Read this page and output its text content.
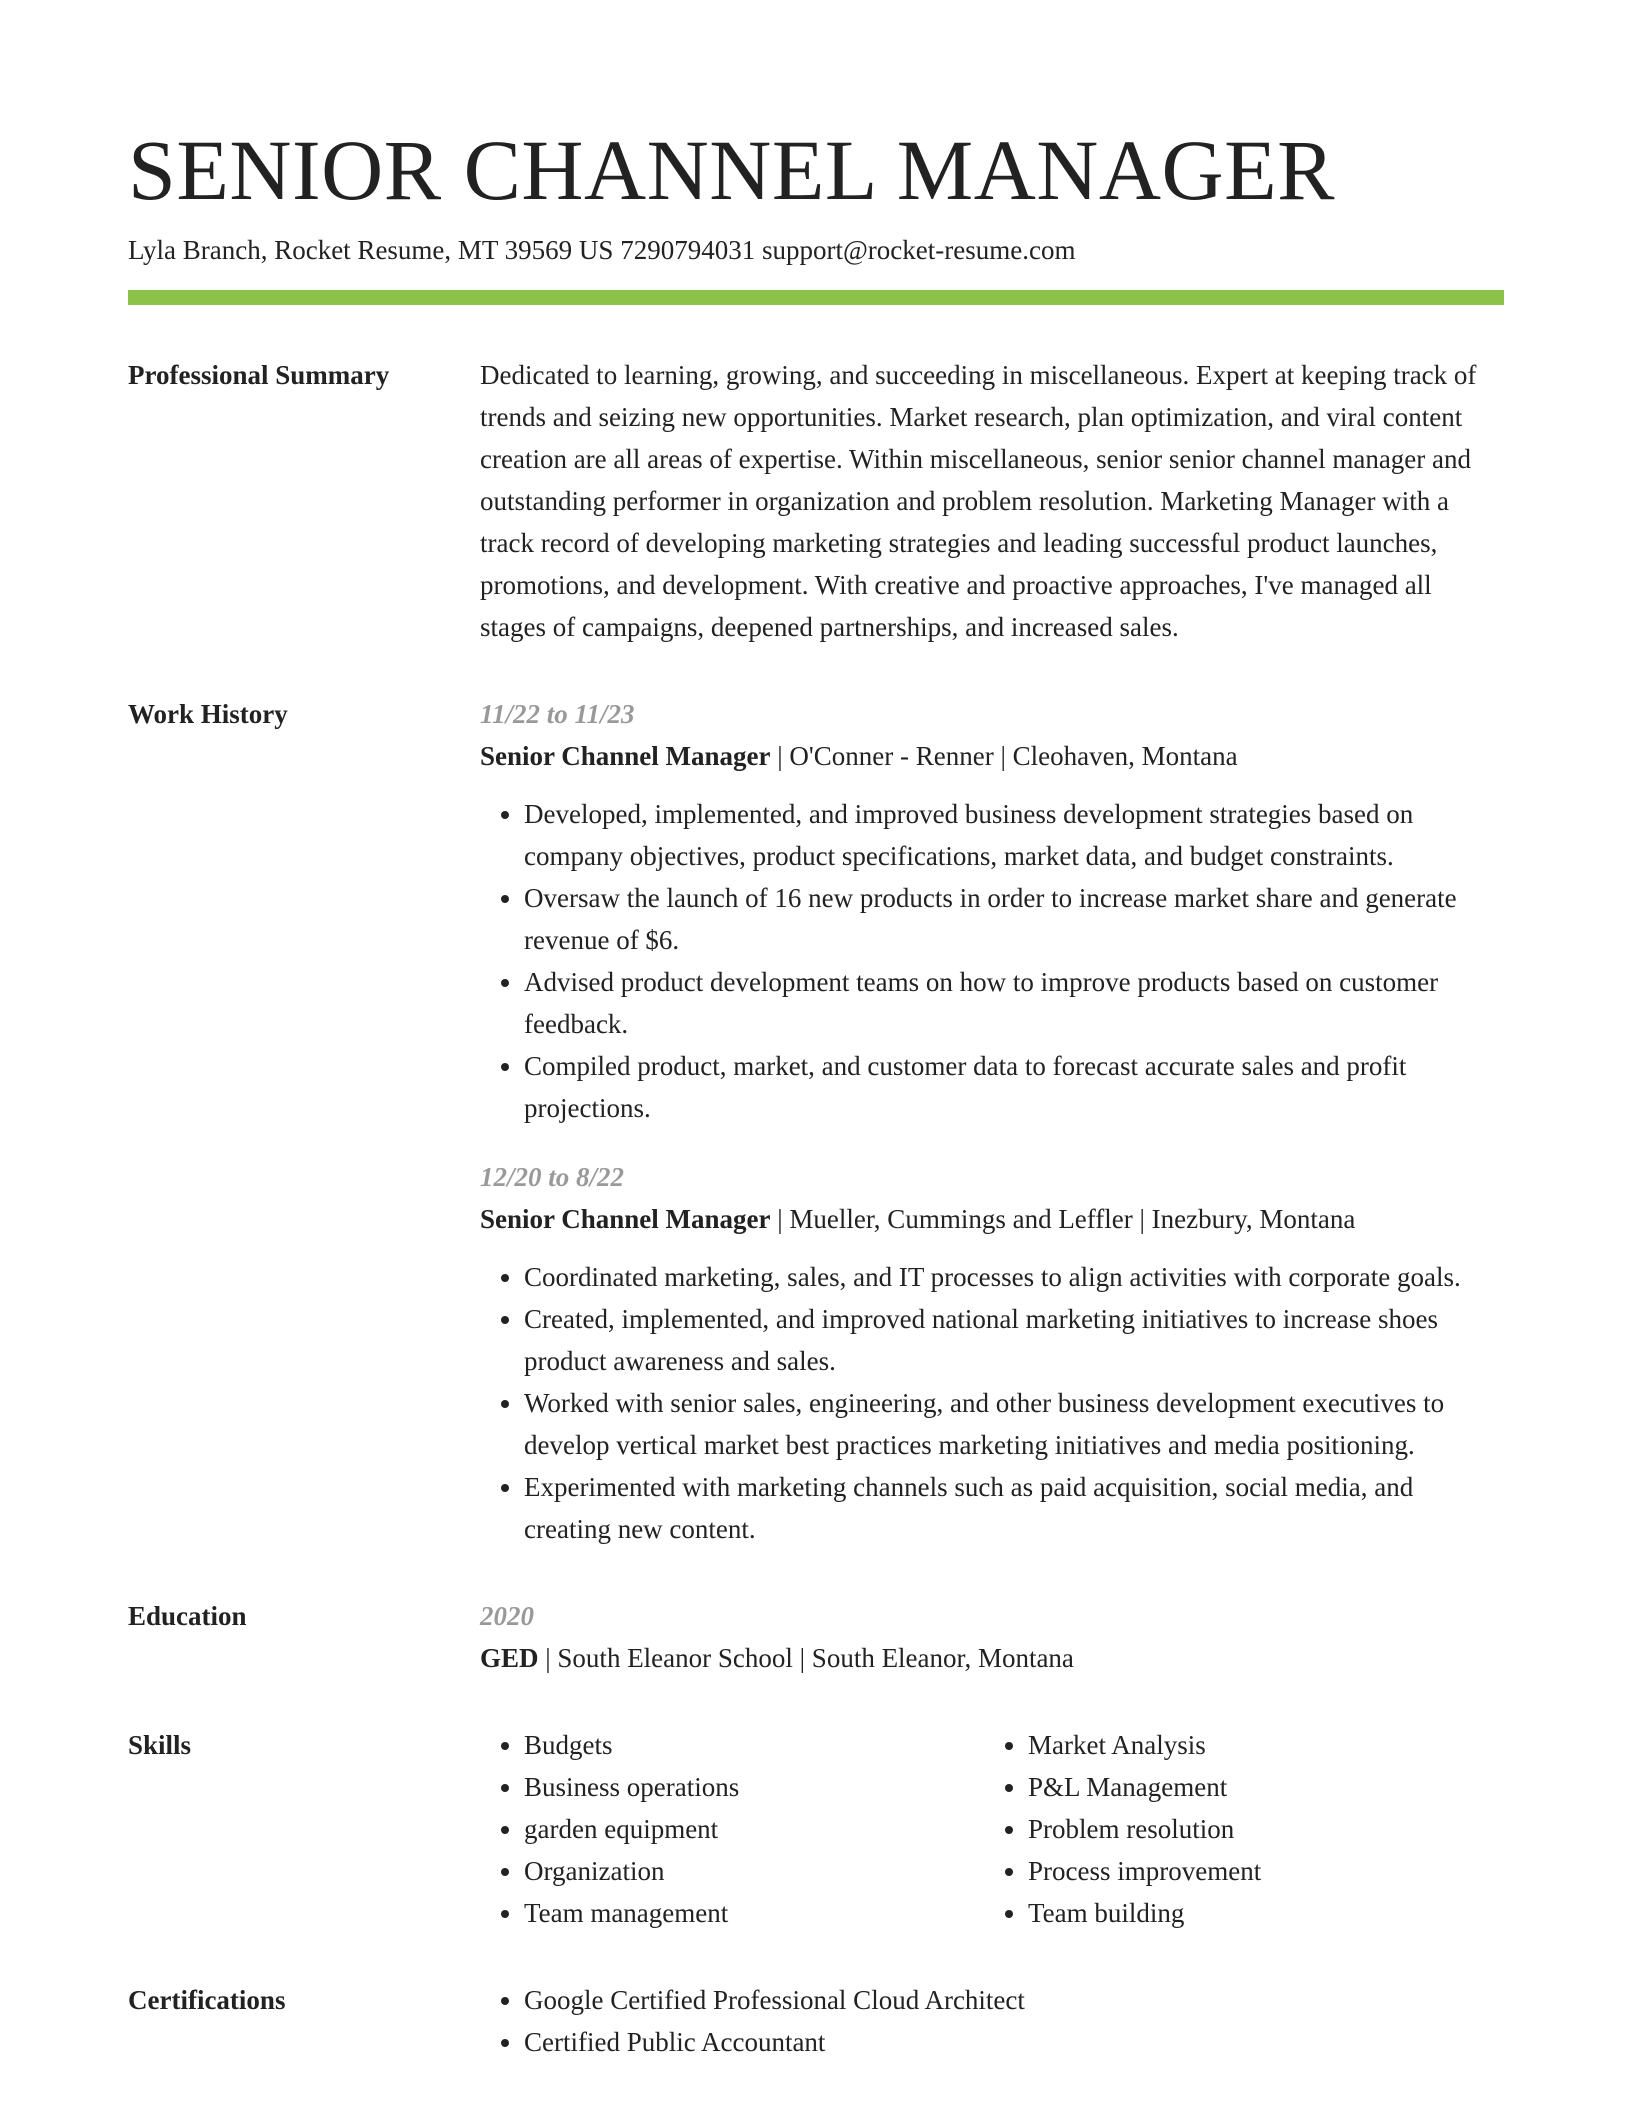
SENIOR CHANNEL MANAGER
Lyla Branch, Rocket Resume, MT 39569 US 7290794031 support@rocket-resume.com
Professional Summary	Dedicated to learning, growing, and succeeding in miscellaneous. Expert at keeping track of trends and seizing new opportunities. Market research, plan optimization, and viral content creation are all areas of expertise. Within miscellaneous, senior senior channel manager and outstanding performer in organization and problem resolution. Marketing Manager with a track record of developing marketing strategies and leading successful product launches, promotions, and development. With creative and proactive approaches, I've managed all stages of campaigns, deepened partnerships, and increased sales.

Work History	11/22 to 11/23
Senior Channel Manager | O'Conner - Renner | Cleohaven, Montana
• Developed, implemented, and improved business development strategies based on company objectives, product specifications, market data, and budget constraints.
• Oversaw the launch of 16 new products in order to increase market share and generate revenue of $6.
• Advised product development teams on how to improve products based on customer feedback.
• Compiled product, market, and customer data to forecast accurate sales and profit projections.
12/20 to 8/22
Senior Channel Manager | Mueller, Cummings and Leffler | Inezbury, Montana
• Coordinated marketing, sales, and IT processes to align activities with corporate goals.
• Created, implemented, and improved national marketing initiatives to increase shoes product awareness and sales.
• Worked with senior sales, engineering, and other business development executives to develop vertical market best practices marketing initiatives and media positioning.
• Experimented with marketing channels such as paid acquisition, social media, and creating new content.
Education	2020
GED | South Eleanor School | South Eleanor, Montana
Skills	• Budgets
• Business operations
• garden equipment
• Organization
• Team management
• Market Analysis
• P&L Management
• Problem resolution
• Process improvement
• Team building
Certifications	• Google Certified Professional Cloud Architect
• Certified Public Accountant
